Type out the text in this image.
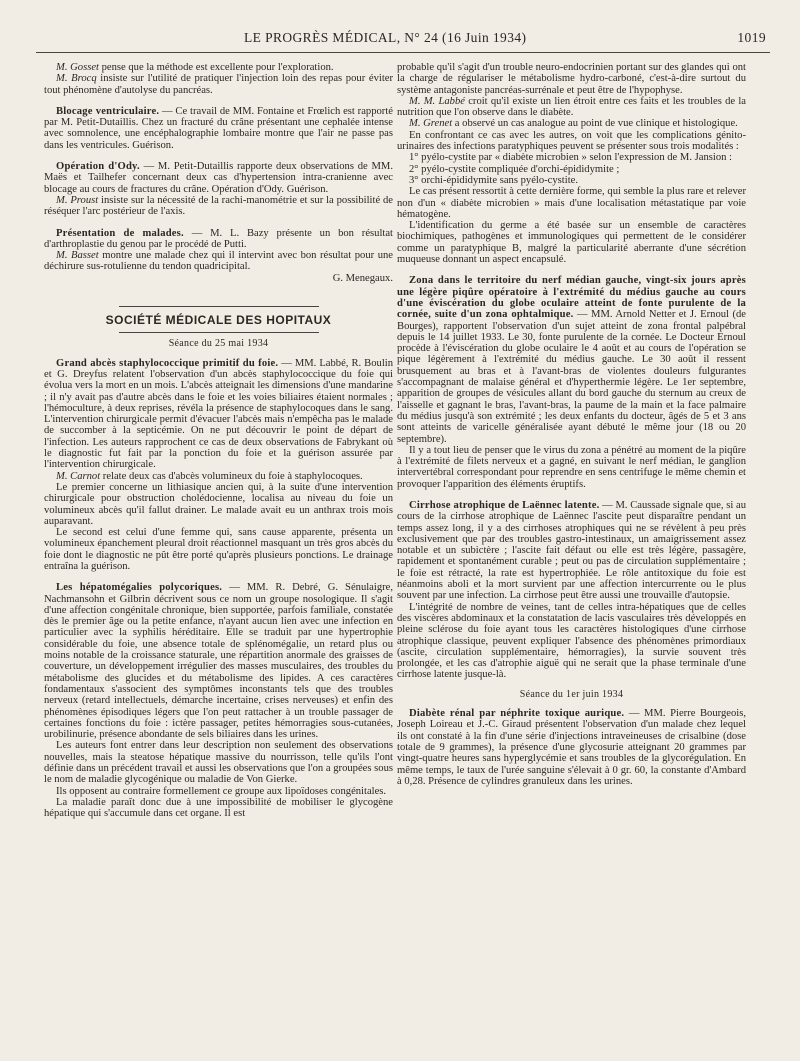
LE PROGRÈS MÉDICAL, N° 24 (16 Juin 1934)	1019

M. Gosset pense que la méthode est excellente pour l'exploration.

M. Brocq insiste sur l'utilité de pratiquer l'injection loin des repas pour éviter tout phénomène d'autolyse du pancréas.

Blocage ventriculaire. — Ce travail de MM. Fontaine et Frœlich est rapporté par M. Petit-Dutaillis. Chez un fracturé du crâne présentant une cephalée intense avec somnolence, une encéphalographie lombaire montre que l'air ne passe pas dans les ventricules. Guérison.

Opération d'Ody. — M. Petit-Dutaillis rapporte deux observations de MM. Maës et Tailhefer concernant deux cas d'hypertension intra-cranienne avec blocage au cours de fractures du crâne. Opération d'Ody. Guérison.

M. Proust insiste sur la nécessité de la rachi-manométrie et sur la possibilité de réséquer l'arc postérieur de l'axis.

Présentation de malades. — M. L. Bazy présente un bon résultat d'arthroplastie du genou par le procédé de Putti.

M. Basset montre une malade chez qui il intervint avec bon résultat pour une déchirure sus-rotulienne du tendon quadricipital.

G. Menegaux.

SOCIÉTÉ MÉDICALE DES HOPITAUX
Séance du 25 mai 1934

Grand abcès staphylococcique primitif du foie. — MM. Labbé, R. Boulin et G. Dreyfus relatent l'observation d'un abcès staphylococcique du foie qui évolua vers la mort en un mois. L'abcès atteignait les dimensions d'une mandarine ; il n'y avait pas d'autre abcès dans le foie et les voies biliaires étaient normales ; l'hémoculture, à deux reprises, révéla la présence de staphylocoques dans le sang. L'intervention chirurgicale permit d'évacuer l'abcès mais n'empêcha pas le malade de succomber à la septicémie. On ne put découvrir le point de départ de l'infection. Les auteurs rapprochent ce cas de deux observations de Fabrykant où le diagnostic fut fait par la ponction du foie et la guérison assurée par l'intervention chirurgicale.

M. Carnot relate deux cas d'abcès volumineux du foie à staphylocoques.

Le premier concerne un lithiasique ancien qui, à la suite d'une intervention chirurgicale pour obstruction cholédocienne, localisa au niveau du foie un volumineux abcès qu'il fallut drainer. Le malade avait eu un anthrax trois mois auparavant.

Le second est celui d'une femme qui, sans cause apparente, présenta un volumineux épanchement pleural droit réactionnel masquant un très gros abcès du foie dont le diagnostic ne pût être porté qu'après plusieurs ponctions. Le drainage entraîna la guérison.

Les hépatomégalies polycoriques. — MM. R. Debré, G. Sénulaigre, Nachmansohn et Gilbrin décrivent sous ce nom un groupe nosologique. Il s'agit d'une affection congénitale chronique, bien supportée, parfois familiale, constatée dès le premier âge ou la petite enfance, n'ayant aucun lien avec une infection en particulier avec la syphilis héréditaire. Elle se traduit par une hypertrophie considérable du foie, une absence totale de splénomégalie, un retard plus ou moins notable de la croissance staturale, une répartition anormale des graisses de couverture, un développement irrégulier des masses musculaires, des troubles du métabolisme des glucides et du métabolisme des lipides. A ces caractères fondamentaux s'associent des symptômes inconstants tels que des troubles nerveux (retard intellectuels, démarche incertaine, crises nerveuses) et enfin des phénomènes épisodiques légers que l'on peut rattacher à un trouble passager de certaines fonctions du foie : ictère passager, petites hémorragies sous-cutanées, urobilinurie, présence abondante de sels biliaires dans les urines.

Les auteurs font entrer dans leur description non seulement des observations nouvelles, mais la steatose hépatique massive du nourrisson, telle qu'ils l'ont définie dans un précédent travail et aussi les observations que l'on a groupées sous le nom de maladie glycogénique ou maladie de Von Gierke.

Ils opposent au contraire formellement ce groupe aux lipoïdoses congénitales.

La maladie paraît donc due à une impossibilité de mobiliser le glycogène hépatique qui s'accumule dans cet organe. Il est

probable qu'il s'agit d'un trouble neuro-endocrinien portant sur des glandes qui ont la charge de régulariser le métabolisme hydro-carboné, c'est-à-dire surtout du système antagoniste pancréas-surrénale et peut être de l'hypophyse.

M. M. Labbé croit qu'il existe un lien étroit entre ces faits et les troubles de la nutrition que l'on observe dans le diabète.

M. Grenet a observé un cas analogue au point de vue clinique et histologique.

En confrontant ce cas avec les autres, on voit que les complications génito-urinaires des infections paratyphiques peuvent se présenter sous trois modalités :

1° pyélo-cystite par « diabète microbien » selon l'expression de M. Jansion :

2° pyélo-cystite compliquée d'orchi-épididymite ;

3° orchi-épididymite sans pyélo-cystite.

Le cas présent ressortit à cette dernière forme, qui semble la plus rare et relever non d'un « diabète microbien » mais d'une localisation métastatique par voie hématogène.

L'identification du germe a été basée sur un ensemble de caractères biochimiques, pathogènes et immunologiques qui permettent de le considérer comme un paratyphique B, malgré la particularité aberrante d'une sécrétion muqueuse donnant un aspect encapsulé.

Zona dans le territoire du nerf médian gauche, vingt-six jours après une légère piqûre opératoire à l'extrémité du médius gauche au cours d'une éviscération du globe oculaire atteint de fonte purulente de la cornée, suite d'un zona ophtalmique. — MM. Arnold Netter et J. Ernoul (de Bourges), rapportent l'observation d'un sujet atteint de zona frontal palpébral depuis le 14 juillet 1933. Le 30, fonte purulente de la cornée. Le Docteur Ernoul procède à l'éviscération du globe oculaire le 4 août et au cours de l'opération se pique légèrement à l'extrémité du médius gauche. Le 30 août il ressent brusquement au bras et à l'avant-bras de violentes douleurs fulgurantes s'accompagnant de malaise général et d'hyperthermie légère. Le 1er septembre, apparition de groupes de vésicules allant du bord gauche du sternum au creux de l'aisselle et gagnant le bras, l'avant-bras, la paume de la main et la face palmaire du médius jusqu'à son extrémité ; les deux enfants du docteur, âgés de 5 et 3 ans sont atteints de varicelle généralisée ayant débuté le même jour (18 ou 20 septembre).

Il y a tout lieu de penser que le virus du zona a pénétré au moment de la piqûre à l'extrémité de filets nerveux et a gagné, en suivant le nerf médian, le ganglion intervertébral correspondant pour reprendre en sens centrifuge le même chemin et provoquer l'apparition des éléments éruptifs.

Cirrhose atrophique de Laënnec latente. — M. Caussade signale que, si au cours de la cirrhose atrophique de Laënnec l'ascite peut disparaître pendant un temps assez long, il y a des cirrhoses atrophiques qui ne se révèlent à peu près exclusivement que par des troubles gastro-intestinaux, un amaigrissement assez notable et un subictère ; l'ascite fait défaut ou elle est très légère, passagère, rapidement et spontanément curable ; peut ou pas de circulation supplémentaire ; le foie est rétracté, la rate est hypertrophiée. Le rôle antitoxique du foie est néanmoins aboli et la mort survient par une affection intercurrente ou le plus souvent par une infection. La cirrhose peut être aussi une trouvaille d'autopsie.

L'intégrité de nombre de veines, tant de celles intra-hépatiques que de celles des viscères abdominaux et la constatation de lacis vasculaires très développés en pleine sclérose du foie ayant tous les caractères histologiques d'une cirrhose atrophique classique, peuvent expliquer l'absence des phénomènes primordiaux (ascite, circulation supplémentaire, hémorragies), la survie souvent très prolongée, et les cas d'atrophie aiguë qui ne serait que la phase terminale d'une cirrhose latente jusque-là.

Séance du 1er juin 1934

Diabète rénal par néphrite toxique aurique. — MM. Pierre Bourgeois, Joseph Loireau et J.-C. Giraud présentent l'observation d'un malade chez lequel ils ont constaté à la fin d'une série d'injections intraveineuses de crisalbine (dose totale de 9 grammes), la présence d'une glycosurie atteignant 20 grammes par vingt-quatre heures sans hyperglycémie et sans troubles de la glycorégulation. En même temps, le taux de l'urée sanguine s'élevait à 0 gr. 60, la constante d'Ambard à 0,28. Présence de cylindres granuleux dans les urines.
